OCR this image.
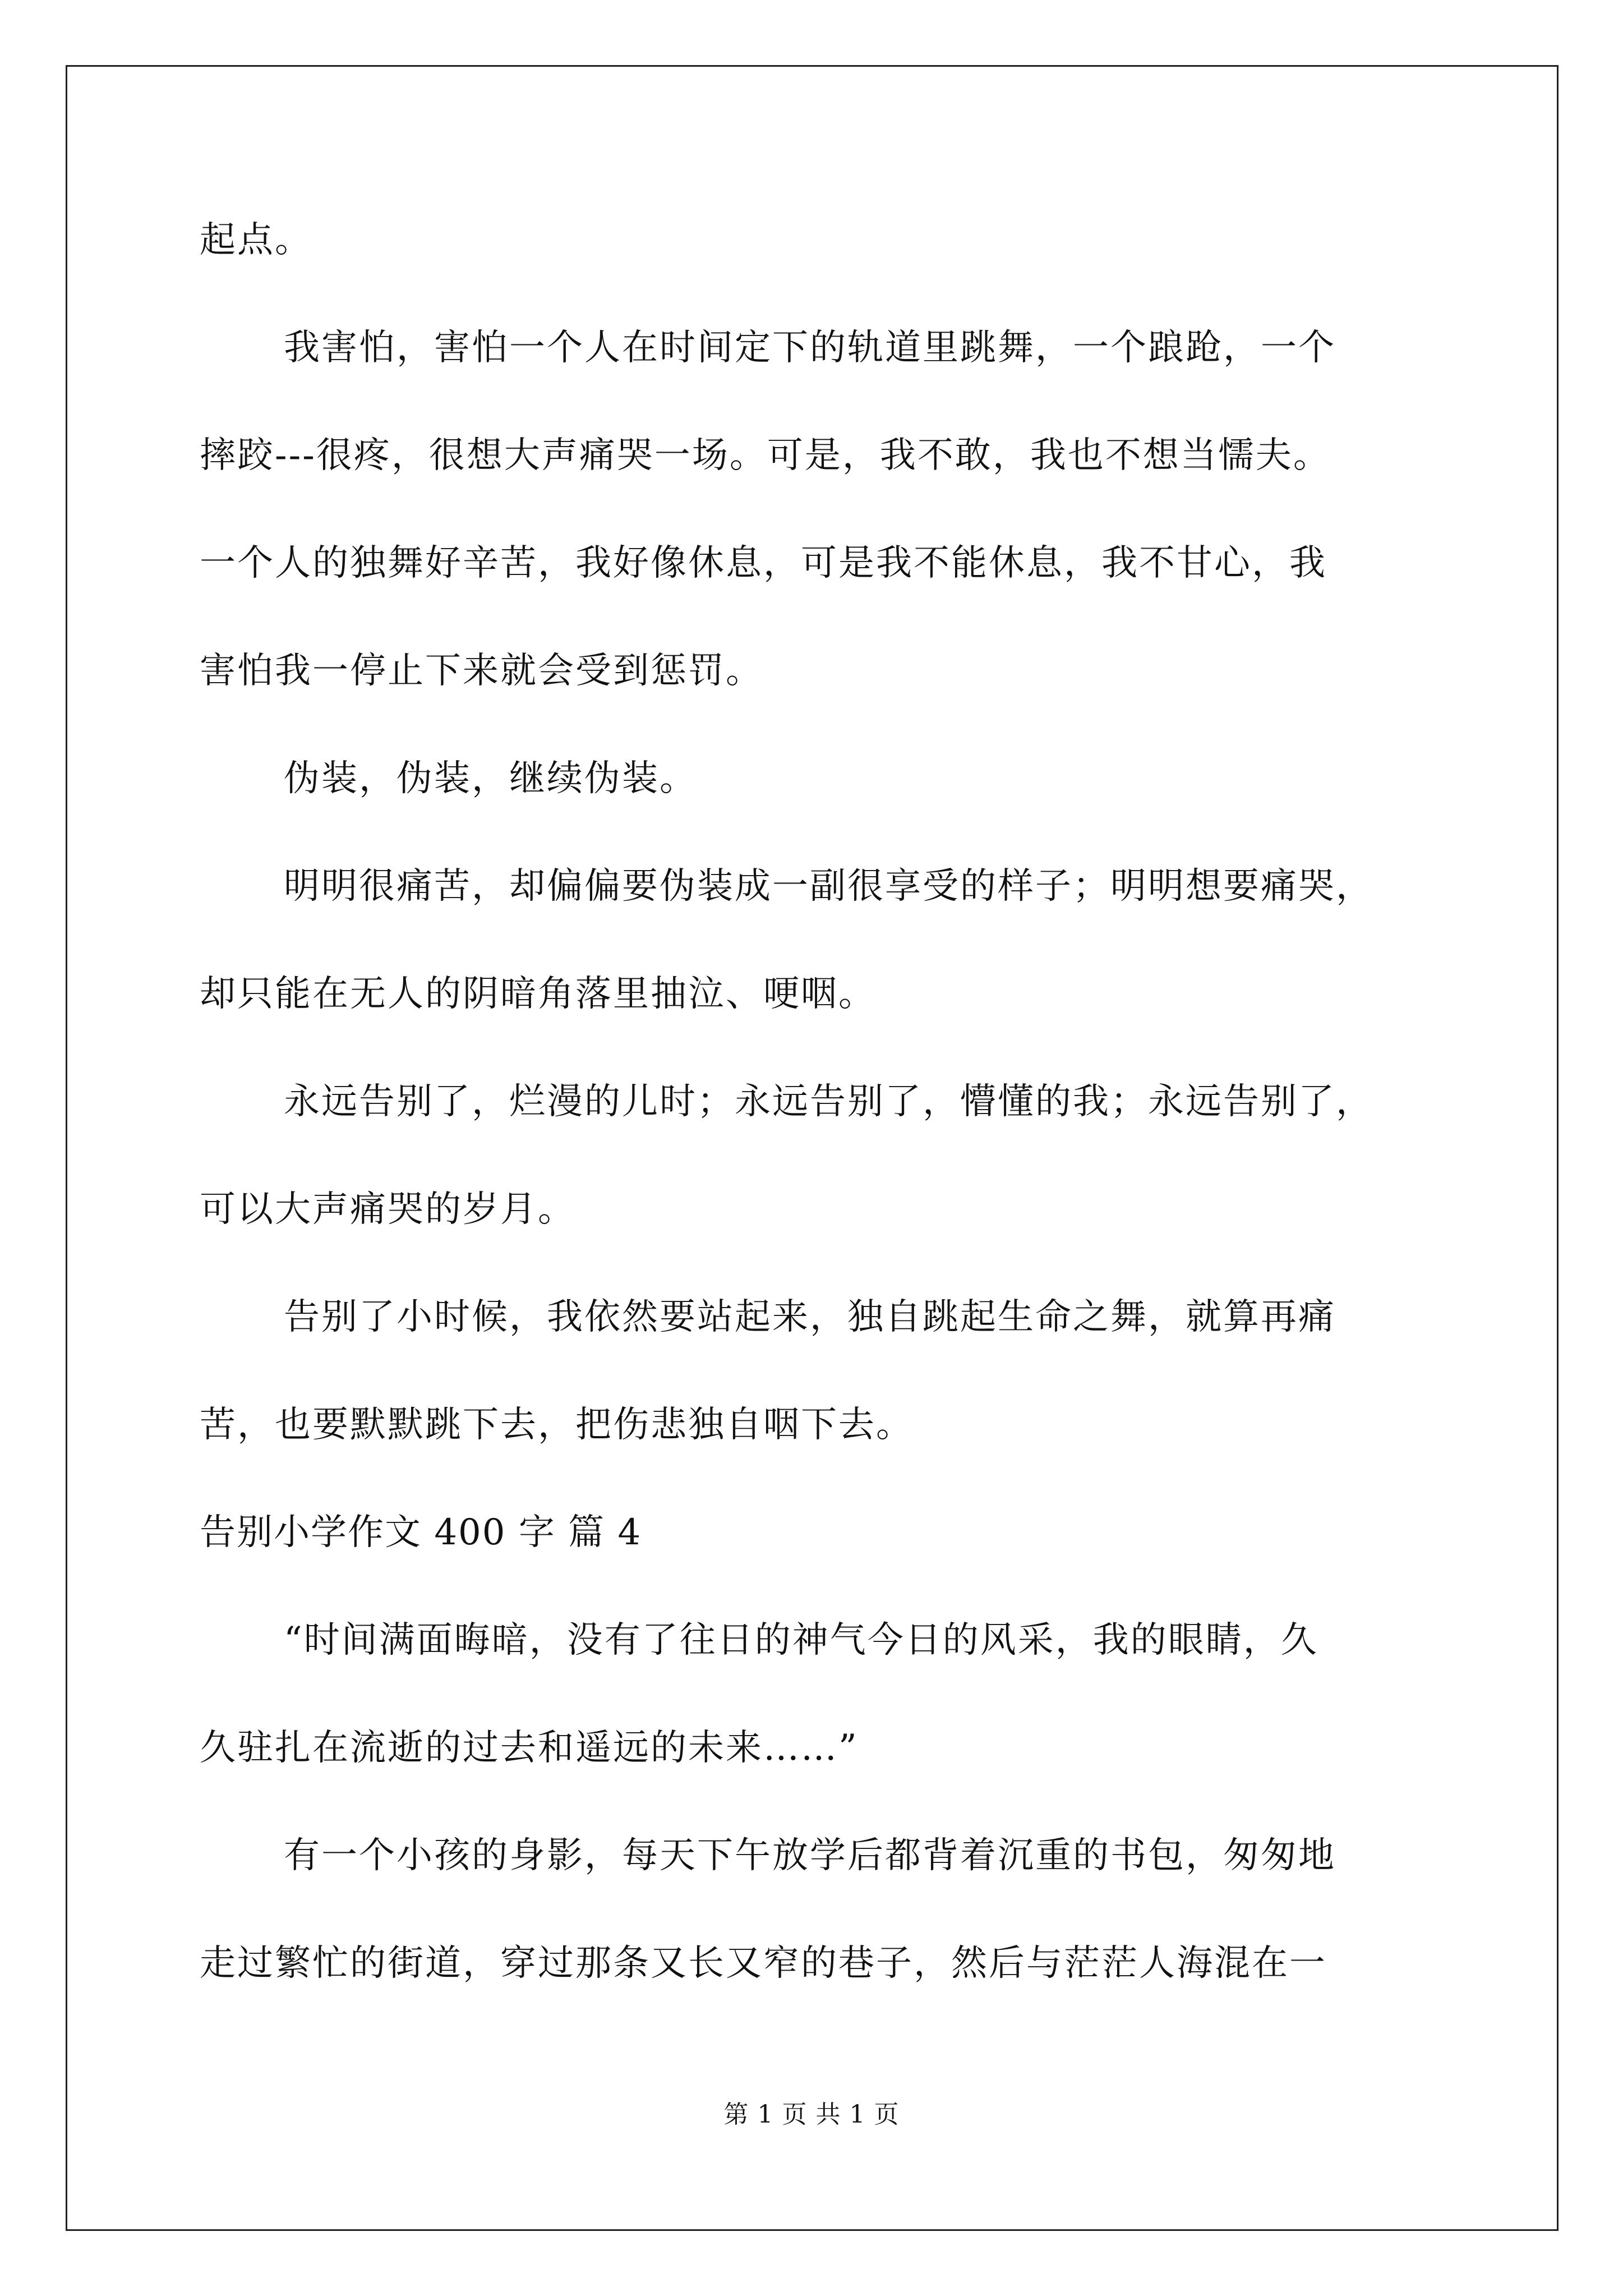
起点。

我害怕，害怕一个人在时间定下的轨道里跳舞，一个踉跄，一个

摔跤---很疼，很想大声痛哭一场。可是，我不敢，我也不想当懦夫。

一个人的独舞好辛苦，我好像休息，可是我不能休息，我不甘心，我

害怕我一停止下来就会受到惩罚。

伪装，伪装，继续伪装。

明明很痛苦，却偏偏要伪装成一副很享受的样子；明明想要痛哭，

却只能在无人的阴暗角落里抽泣、哽咽。

永远告别了，烂漫的儿时；永远告别了，懵懂的我；永远告别了，

可以大声痛哭的岁月。

告别了小时候，我依然要站起来，独自跳起生命之舞，就算再痛

苦，也要默默跳下去，把伤悲独自咽下去。

告别小学作文 400 字 篇 4

“时间满面晦暗，没有了往日的神气今日的风采，我的眼睛，久

久驻扎在流逝的过去和遥远的未来……”

有一个小孩的身影，每天下午放学后都背着沉重的书包，匆匆地

走过繁忙的街道，穿过那条又长又窄的巷子，然后与茫茫人海混在一

第 1 页 共 1 页
